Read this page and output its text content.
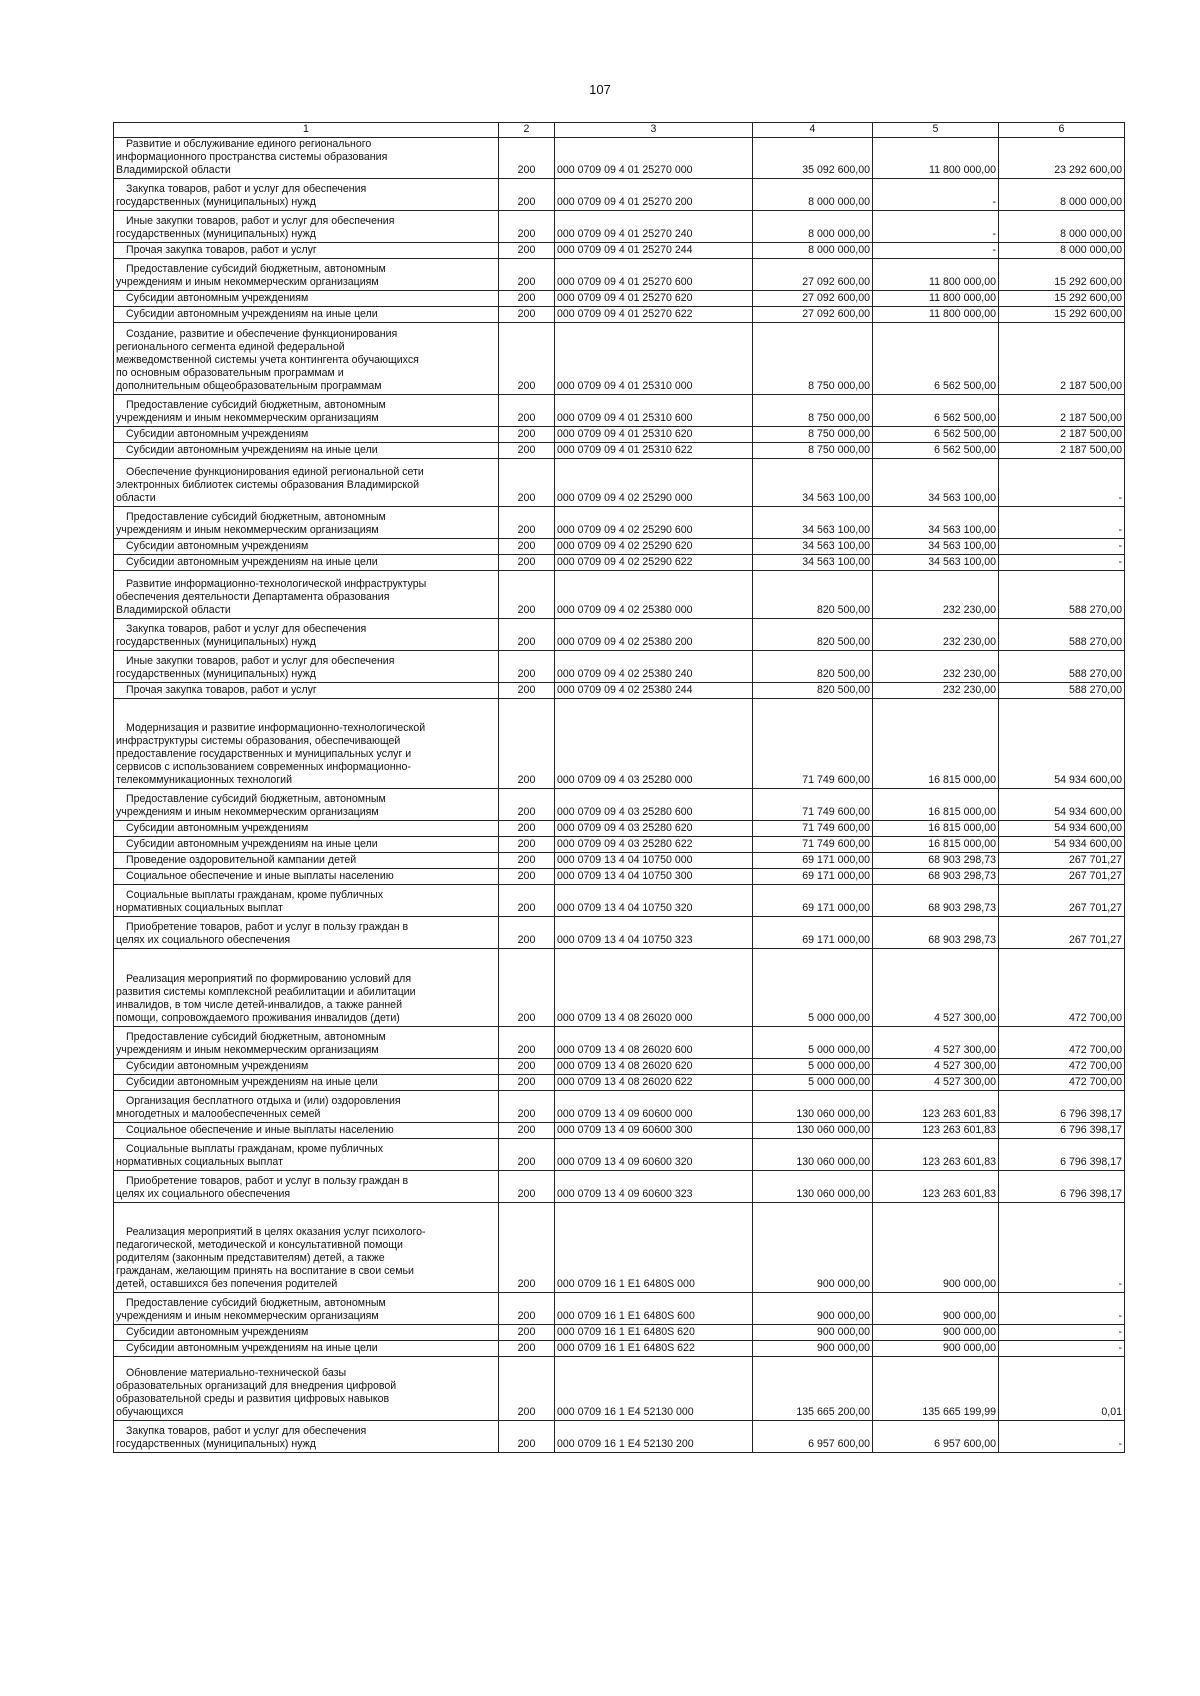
107
1	2	3	4	5	6

Развитие и обслуживание единого регионального
информационного пространства системы образования
Владимирской области	200	000 0709 09 4 01 25270 000	35 092 600,00	11 800 000,00	23 292 600,00

Закупка товаров, работ и услуг для обеспечения
государственных (муниципальных) нужд	200	000 0709 09 4 01 25270 200	8 000 000,00	-	8 000 000,00

Иные закупки товаров, работ и услуг для обеспечения
государственных (муниципальных) нужд	200	000 0709 09 4 01 25270 240	8 000 000,00	-	8 000 000,00

Прочая закупка товаров, работ и услуг	200	000 0709 09 4 01 25270 244	8 000 000,00	-	8 000 000,00

Предоставление субсидий бюджетным, автономным
учреждениям и иным некоммерческим организациям	200	000 0709 09 4 01 25270 600	27 092 600,00	11 800 000,00	15 292 600,00

Субсидии автономным учреждениям	200	000 0709 09 4 01 25270 620	27 092 600,00	11 800 000,00	15 292 600,00

Субсидии автономным учреждениям на иные цели	200	000 0709 09 4 01 25270 622	27 092 600,00	11 800 000,00	15 292 600,00

Создание, развитие и обеспечение функционирования
регионального сегмента единой федеральной
межведомственной системы учета контингента обучающихся
по основным образовательным программам и
дополнительным общеобразовательным программам	200	000 0709 09 4 01 25310 000	8 750 000,00	6 562 500,00	2 187 500,00

Предоставление субсидий бюджетным, автономным
учреждениям и иным некоммерческим организациям	200	000 0709 09 4 01 25310 600	8 750 000,00	6 562 500,00	2 187 500,00

Субсидии автономным учреждениям	200	000 0709 09 4 01 25310 620	8 750 000,00	6 562 500,00	2 187 500,00

Субсидии автономным учреждениям на иные цели	200	000 0709 09 4 01 25310 622	8 750 000,00	6 562 500,00	2 187 500,00

Обеспечение функционирования единой региональной сети
электронных библиотек системы образования Владимирской
области	200	000 0709 09 4 02 25290 000	34 563 100,00	34 563 100,00	-

Предоставление субсидий бюджетным, автономным
учреждениям и иным некоммерческим организациям	200	000 0709 09 4 02 25290 600	34 563 100,00	34 563 100,00	-

Субсидии автономным учреждениям	200	000 0709 09 4 02 25290 620	34 563 100,00	34 563 100,00	-

Субсидии автономным учреждениям на иные цели	200	000 0709 09 4 02 25290 622	34 563 100,00	34 563 100,00	-

Развитие информационно-технологической инфраструктуры
обеспечения деятельности Департамента образования
Владимирской области	200	000 0709 09 4 02 25380 000	820 500,00	232 230,00	588 270,00

Закупка товаров, работ и услуг для обеспечения
государственных (муниципальных) нужд	200	000 0709 09 4 02 25380 200	820 500,00	232 230,00	588 270,00

Иные закупки товаров, работ и услуг для обеспечения
государственных (муниципальных) нужд	200	000 0709 09 4 02 25380 240	820 500,00	232 230,00	588 270,00

Прочая закупка товаров, работ и услуг	200	000 0709 09 4 02 25380 244	820 500,00	232 230,00	588 270,00

Модернизация и развитие информационно-технологической
инфраструктуры системы образования, обеспечивающей
предоставление государственных и муниципальных услуг и
сервисов с использованием современных информационно-
телекоммуникационных технологий	200	000 0709 09 4 03 25280 000	71 749 600,00	16 815 000,00	54 934 600,00

Предоставление субсидий бюджетным, автономным
учреждениям и иным некоммерческим организациям	200	000 0709 09 4 03 25280 600	71 749 600,00	16 815 000,00	54 934 600,00

Субсидии автономным учреждениям	200	000 0709 09 4 03 25280 620	71 749 600,00	16 815 000,00	54 934 600,00

Субсидии автономным учреждениям на иные цели	200	000 0709 09 4 03 25280 622	71 749 600,00	16 815 000,00	54 934 600,00

Проведение оздоровительной кампании детей	200	000 0709 13 4 04 10750 000	69 171 000,00	68 903 298,73	267 701,27

Социальное обеспечение и иные выплаты населению	200	000 0709 13 4 04 10750 300	69 171 000,00	68 903 298,73	267 701,27

Социальные выплаты гражданам, кроме публичных
нормативных социальных выплат	200	000 0709 13 4 04 10750 320	69 171 000,00	68 903 298,73	267 701,27

Приобретение товаров, работ и услуг в пользу граждан в
целях их социального обеспечения	200	000 0709 13 4 04 10750 323	69 171 000,00	68 903 298,73	267 701,27

Реализация мероприятий по формированию условий для
развития системы комплексной реабилитации и абилитации
инвалидов, в том числе детей-инвалидов, а также ранней
помощи, сопровождаемого проживания инвалидов (дети)	200	000 0709 13 4 08 26020 000	5 000 000,00	4 527 300,00	472 700,00

Предоставление субсидий бюджетным, автономным
учреждениям и иным некоммерческим организациям	200	000 0709 13 4 08 26020 600	5 000 000,00	4 527 300,00	472 700,00

Субсидии автономным учреждениям	200	000 0709 13 4 08 26020 620	5 000 000,00	4 527 300,00	472 700,00

Субсидии автономным учреждениям на иные цели	200	000 0709 13 4 08 26020 622	5 000 000,00	4 527 300,00	472 700,00

Организация бесплатного отдыха и (или) оздоровления
многодетных и малообеспеченных семей	200	000 0709 13 4 09 60600 000	130 060 000,00	123 263 601,83	6 796 398,17

Социальное обеспечение и иные выплаты населению	200	000 0709 13 4 09 60600 300	130 060 000,00	123 263 601,83	6 796 398,17

Социальные выплаты гражданам, кроме публичных
нормативных социальных выплат	200	000 0709 13 4 09 60600 320	130 060 000,00	123 263 601,83	6 796 398,17

Приобретение товаров, работ и услуг в пользу граждан в
целях их социального обеспечения	200	000 0709 13 4 09 60600 323	130 060 000,00	123 263 601,83	6 796 398,17

Реализация мероприятий в целях оказания услуг психолого-
педагогической, методической и консультативной помощи
родителям (законным представителям) детей, а также
гражданам, желающим принять на воспитание в свои семьи
детей, оставшихся без попечения родителей	200	000 0709 16 1 E1 6480S 000	900 000,00	900 000,00	-

Предоставление субсидий бюджетным, автономным
учреждениям и иным некоммерческим организациям	200	000 0709 16 1 E1 6480S 600	900 000,00	900 000,00	-

Субсидии автономным учреждениям	200	000 0709 16 1 E1 6480S 620	900 000,00	900 000,00	-

Субсидии автономным учреждениям на иные цели	200	000 0709 16 1 E1 6480S 622	900 000,00	900 000,00	-

Обновление материально-технической базы
образовательных организаций для внедрения цифровой
образовательной среды и развития цифровых навыков
обучающихся	200	000 0709 16 1 E4 52130 000	135 665 200,00	135 665 199,99	0,01

Закупка товаров, работ и услуг для обеспечения
государственных (муниципальных) нужд	200	000 0709 16 1 E4 52130 200	6 957 600,00	6 957 600,00	-
